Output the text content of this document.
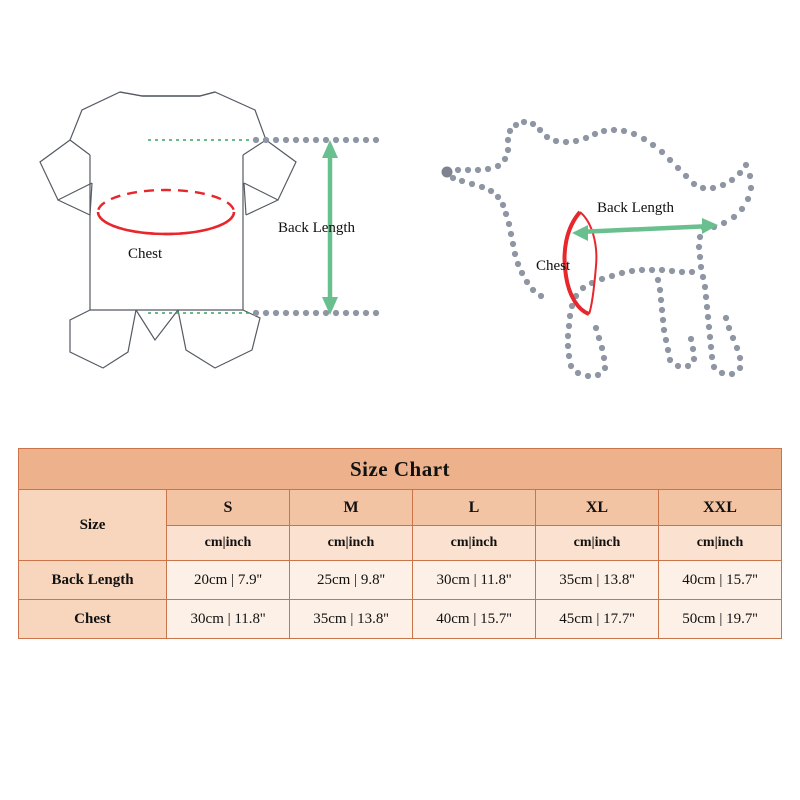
Chest
Back Length
Chest
Back Length
Size Chart					
Size	S	M	L	XL	XXL
	cm|inch	cm|inch	cm|inch	cm|inch	cm|inch
Back Length	20cm | 7.9''	25cm | 9.8''	30cm | 11.8''	35cm | 13.8''	40cm | 15.7''
Chest	30cm | 11.8''	35cm | 13.8''	40cm | 15.7''	45cm | 17.7''	50cm | 19.7''
